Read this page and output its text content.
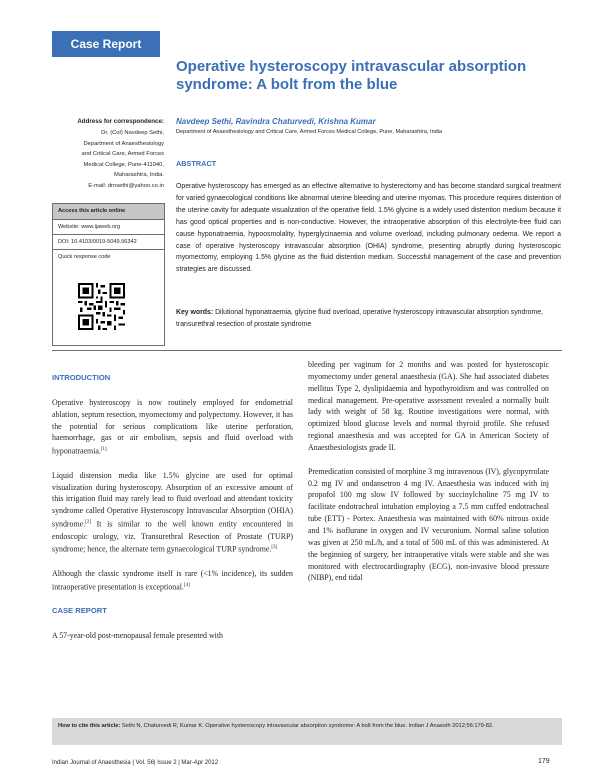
Case Report
Operative hysteroscopy intravascular absorption syndrome: A bolt from the blue
Navdeep Sethi, Ravindra Chaturvedi, Krishna Kumar
Department of Anaesthesiology and Critical Care, Armed Forces Medical College, Pune, Maharashtra, India
Address for correspondence:
Dr. (Col) Navdeep Sethi,
Department of Anaesthesiology
and Critical Care, Armed Forces
Medical College, Pune-411040,
Maharashtra, India.
E-mail: drnsethi@yahoo.co.in
Access this article online
Website: www.ijaweb.org
DOI: 10.4103/0019-5049.96342
Quick response code
ABSTRACT
Operative hysteroscopy has emerged as an effective alternative to hysterectomy and has become standard surgical treatment for varied gynaecological conditions like abnormal uterine bleeding and uterine myomas. This procedure requires distention of the uterine cavity for adequate visualization of the operative field. 1.5% glycine is a widely used distention medium because it has good optical properties and is non-conductive. However, the intraoperative absorption of this electrolyte-free fluid can cause hyponatraemia, hypoosmolality, hyperglycinaemia and volume overload, including pulmonary oedema. We report a case of operative hysteroscopy intravascular absorption (OHIA) syndrome, presenting abruptly during hysteroscopic myomectomy, employing 1.5% glycine as the fluid distention medium. Successful management of the case and prevention strategies are discussed.
Key words: Dilutional hyponatraemia, glycine fluid overload, operative hysteroscopy intravascular absorption syndrome, transurethral resection of prostate syndrome
INTRODUCTION

Operative hysteroscopy is now routinely employed for endometrial ablation, septum resection, myomectomy and polypectomy. However, it has the potential for serious complications like uterine perforation, haemorrhage, gas or air embolism, sepsis and fluid overload with hyponatraemia.[1]

Liquid distension media like 1.5% glycine are used for optimal visualization during hysteroscopy. Absorption of an excessive amount of this irrigation fluid may rarely lead to fluid overload and attendant toxicity syndrome called Operative Hysteroscopy Intravascular Absorption (OHIA) syndrome.[2] It is similar to the well known entity encountered in endoscopic urology, viz. Transurethral Resection of Prostate (TURP) syndrome; hence, the alternate term gynaecological TURP syndrome.[3]

Although the classic syndrome itself is rare (<1% incidence), its sudden intraoperative presentation is exceptional.[4]

CASE REPORT

A 57-year-old post-menopausal female presented with

bleeding per vaginum for 2 months and was posted for hysteroscopic myomectomy under general anaesthesia (GA). She had associated diabetes mellitus Type 2, dyslipidaemia and hypothyroidism and was controlled on medical management. Pre-operative assessment revealed a normally built lady with weight of 58 kg. Routine investigations were normal, with optimized blood glucose levels and normal thyroid profile. She refused regional anaesthesia and was accepted for GA in American Society of Anaesthesiologists grade II.

Premedication consisted of morphine 3 mg intravenous (IV), glycopyrrolate 0.2 mg IV and ondansetron 4 mg IV. Anaesthesia was induced with inj propofol 100 mg slow IV followed by succinylcholine 75 mg IV to facilitate endotracheal intubation employing a 7.5 mm cuffed endotracheal tube (ETT) - Portex. Anaesthesia was maintained with 60% nitrous oxide and 1% isoflurane in oxygen and IV vecuronium. Normal saline solution was given at 250 mL/h, and a total of 500 mL of this was administered. At the beginning of surgery, her intraoperative vitals were stable and she was monitored with electrocardiography (ECG), non-invasive blood pressure (NIBP), end tidal

How to cite this article: Sethi N, Chaturvedi R, Kumar K. Operative hysteroscopy intravascular absorption syndrome: A bolt from the blue. Indian J Anaesth 2012;56:179-82.
Indian Journal of Anaesthesia | Vol. 56| Issue 2 | Mar-Apr 2012	179
